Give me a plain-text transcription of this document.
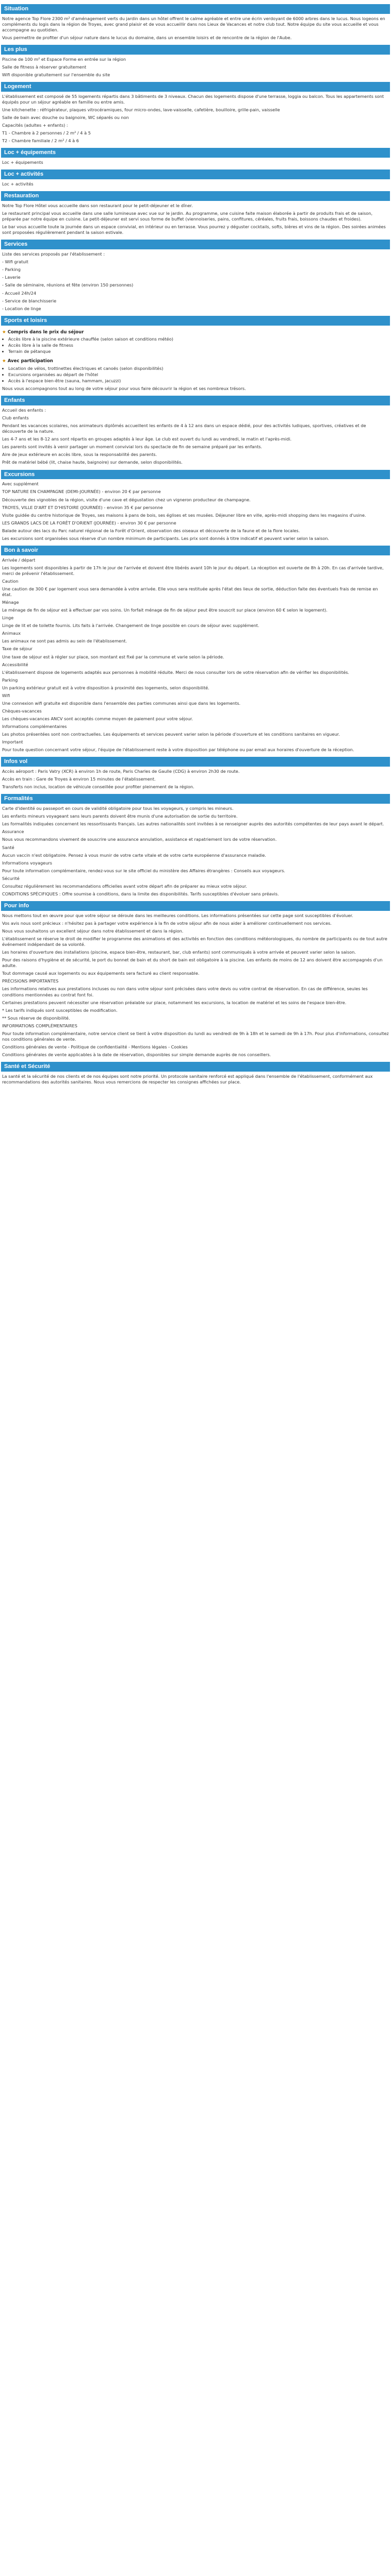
Situation

Notre agence Top Flore 2300 m² d'aménagement verts du jardin dans un hôtel offrent le calme agréable et entre une écrin verdoyant de 6000 arbres dans le lucus. Nous logeons en compléments du logis dans la région de Troyes, avec grand plaisir et de vous accueillir dans nos Lieux de Vacances et notre club tout. Notre équipe du site vous accueille et vous accompagne au quotidien.

Vous permettre de profiter d'un séjour nature dans le lucus du domaine, dans un ensemble loisirs et de rencontre de la région de l'Aube.

Les plus

Piscine de 100 m² et Espace Forme en entrée sur la région

Salle de fitness à réserver gratuitement

Wifi disponible gratuitement sur l'ensemble du site

Logement

L'établissement est composé de 55 logements répartis dans 3 bâtiments de 3 niveaux. Chacun des logements dispose d'une terrasse, loggia ou balcon. Tous les appartements sont équipés pour un séjour agréable en famille ou entre amis.

Une kitchenette : réfrigérateur, plaques vitrocéramiques, four micro-ondes, lave-vaisselle, cafetière, bouilloire, grille-pain, vaisselle

Salle de bain avec douche ou baignoire, WC séparés ou non

Capacités (adultes + enfants) :

T1 - Chambre à 2 personnes / 2 m² / 4 à 5

T2 - Chambre familiale / 2 m² / 4 à 6

Loc + équipements

Loc + équipements

Loc + activités

Loc + activités

Restauration

Notre Top Flore Hôtel vous accueille dans son restaurant pour le petit-déjeuner et le dîner.

Le restaurant principal vous accueille dans une salle lumineuse avec vue sur le jardin. Au programme, une cuisine faite maison élaborée à partir de produits frais et de saison, préparée par notre équipe en cuisine. Le petit-déjeuner est servi sous forme de buffet (viennoiseries, pains, confitures, céréales, fruits frais, boissons chaudes et froides).

Le bar vous accueille toute la journée dans un espace convivial, en intérieur ou en terrasse. Vous pourrez y déguster cocktails, softs, bières et vins de la région. Des soirées animées sont proposées régulièrement pendant la saison estivale.

Services

Liste des services proposés par l'établissement :

- Wifi gratuit

- Parking

- Laverie

- Salle de séminaire, réunions et fête (environ 150 personnes)

- Accueil 24h/24

- Service de blanchisserie

- Location de linge

Sports et loisirs
★ Compris dans le prix du séjour
• Accès libre à la piscine extérieure chauffée (selon saison et conditions météo)
• Accès libre à la salle de fitness
• Terrain de pétanque
★ Avec participation
• Location de vélos, trottinettes électriques et canoës (selon disponibilités)
• Excursions organisées au départ de l'hôtel
• Accès à l'espace bien-être (sauna, hammam, jacuzzi)

Nous vous accompagnons tout au long de votre séjour pour vous faire découvrir la région et ses nombreux trésors.

Enfants

Accueil des enfants :

Club enfants

Pendant les vacances scolaires, nos animateurs diplômés accueillent les enfants de 4 à 12 ans dans un espace dédié, pour des activités ludiques, sportives, créatives et de découverte de la nature.

Les 4-7 ans et les 8-12 ans sont répartis en groupes adaptés à leur âge. Le club est ouvert du lundi au vendredi, le matin et l'après-midi.

Les parents sont invités à venir partager un moment convivial lors du spectacle de fin de semaine préparé par les enfants.

Aire de jeux extérieure en accès libre, sous la responsabilité des parents.

Prêt de matériel bébé (lit, chaise haute, baignoire) sur demande, selon disponibilités.

Excursions

Avec supplément

TOP NATURE EN CHAMPAGNE (DEMI-JOURNÉE) - environ 20 € par personne

Découverte des vignobles de la région, visite d'une cave et dégustation chez un vigneron producteur de champagne.

TROYES, VILLE D'ART ET D'HISTOIRE (JOURNÉE) - environ 35 € par personne

Visite guidée du centre historique de Troyes, ses maisons à pans de bois, ses églises et ses musées. Déjeuner libre en ville, après-midi shopping dans les magasins d'usine.

LES GRANDS LACS DE LA FORÊT D'ORIENT (JOURNÉE) - environ 30 € par personne

Balade autour des lacs du Parc naturel régional de la Forêt d'Orient, observation des oiseaux et découverte de la faune et de la flore locales.

Les excursions sont organisées sous réserve d'un nombre minimum de participants. Les prix sont donnés à titre indicatif et peuvent varier selon la saison.

Bon à savoir

Arrivée / départ

Les logements sont disponibles à partir de 17h le jour de l'arrivée et doivent être libérés avant 10h le jour du départ. La réception est ouverte de 8h à 20h. En cas d'arrivée tardive, merci de prévenir l'établissement.

Caution

Une caution de 300 € par logement vous sera demandée à votre arrivée. Elle vous sera restituée après l'état des lieux de sortie, déduction faite des éventuels frais de remise en état.

Ménage

Le ménage de fin de séjour est à effectuer par vos soins. Un forfait ménage de fin de séjour peut être souscrit sur place (environ 60 € selon le logement).

Linge

Linge de lit et de toilette fournis. Lits faits à l'arrivée. Changement de linge possible en cours de séjour avec supplément.

Animaux

Les animaux ne sont pas admis au sein de l'établissement.

Taxe de séjour

Une taxe de séjour est à régler sur place, son montant est fixé par la commune et varie selon la période.

Accessibilité

L'établissement dispose de logements adaptés aux personnes à mobilité réduite. Merci de nous consulter lors de votre réservation afin de vérifier les disponibilités.

Parking

Un parking extérieur gratuit est à votre disposition à proximité des logements, selon disponibilité.

Wifi

Une connexion wifi gratuite est disponible dans l'ensemble des parties communes ainsi que dans les logements.

Chèques-vacances

Les chèques-vacances ANCV sont acceptés comme moyen de paiement pour votre séjour.

Informations complémentaires

Les photos présentées sont non contractuelles. Les équipements et services peuvent varier selon la période d'ouverture et les conditions sanitaires en vigueur.

Important

Pour toute question concernant votre séjour, l'équipe de l'établissement reste à votre disposition par téléphone ou par email aux horaires d'ouverture de la réception.

Infos vol

Accès aéroport : Paris Vatry (XCR) à environ 1h de route, Paris Charles de Gaulle (CDG) à environ 2h30 de route.

Accès en train : Gare de Troyes à environ 15 minutes de l'établissement.

Transferts non inclus, location de véhicule conseillée pour profiter pleinement de la région.

Formalités

Carte d'identité ou passeport en cours de validité obligatoire pour tous les voyageurs, y compris les mineurs.

Les enfants mineurs voyageant sans leurs parents doivent être munis d'une autorisation de sortie du territoire.

Les formalités indiquées concernent les ressortissants français. Les autres nationalités sont invitées à se renseigner auprès des autorités compétentes de leur pays avant le départ.

Assurance

Nous vous recommandons vivement de souscrire une assurance annulation, assistance et rapatriement lors de votre réservation.

Santé

Aucun vaccin n'est obligatoire. Pensez à vous munir de votre carte vitale et de votre carte européenne d'assurance maladie.

Informations voyageurs

Pour toute information complémentaire, rendez-vous sur le site officiel du ministère des Affaires étrangères : Conseils aux voyageurs.

Sécurité

Consultez régulièrement les recommandations officielles avant votre départ afin de préparer au mieux votre séjour.

CONDITIONS SPÉCIFIQUES : Offre soumise à conditions, dans la limite des disponibilités. Tarifs susceptibles d'évoluer sans préavis.

Pour info

Nous mettons tout en œuvre pour que votre séjour se déroule dans les meilleures conditions. Les informations présentées sur cette page sont susceptibles d'évoluer.

Vos avis nous sont précieux : n'hésitez pas à partager votre expérience à la fin de votre séjour afin de nous aider à améliorer continuellement nos services.

Nous vous souhaitons un excellent séjour dans notre établissement et dans la région.

L'établissement se réserve le droit de modifier le programme des animations et des activités en fonction des conditions météorologiques, du nombre de participants ou de tout autre événement indépendant de sa volonté.

Les horaires d'ouverture des installations (piscine, espace bien-être, restaurant, bar, club enfants) sont communiqués à votre arrivée et peuvent varier selon la saison.

Pour des raisons d'hygiène et de sécurité, le port du bonnet de bain et du short de bain est obligatoire à la piscine. Les enfants de moins de 12 ans doivent être accompagnés d'un adulte.

Tout dommage causé aux logements ou aux équipements sera facturé au client responsable.

PRÉCISIONS IMPORTANTES

Les informations relatives aux prestations incluses ou non dans votre séjour sont précisées dans votre devis ou votre contrat de réservation. En cas de différence, seules les conditions mentionnées au contrat font foi.

Certaines prestations peuvent nécessiter une réservation préalable sur place, notamment les excursions, la location de matériel et les soins de l'espace bien-être.

* Les tarifs indiqués sont susceptibles de modification.

** Sous réserve de disponibilité.

INFORMATIONS COMPLÉMENTAIRES

Pour toute information complémentaire, notre service client se tient à votre disposition du lundi au vendredi de 9h à 18h et le samedi de 9h à 17h. Pour plus d'informations, consultez nos conditions générales de vente.

Conditions générales de vente - Politique de confidentialité - Mentions légales - Cookies

Conditions générales de vente applicables à la date de réservation, disponibles sur simple demande auprès de nos conseillers.

Santé et Sécurité

La santé et la sécurité de nos clients et de nos équipes sont notre priorité. Un protocole sanitaire renforcé est appliqué dans l'ensemble de l'établissement, conformément aux recommandations des autorités sanitaires. Nous vous remercions de respecter les consignes affichées sur place.
